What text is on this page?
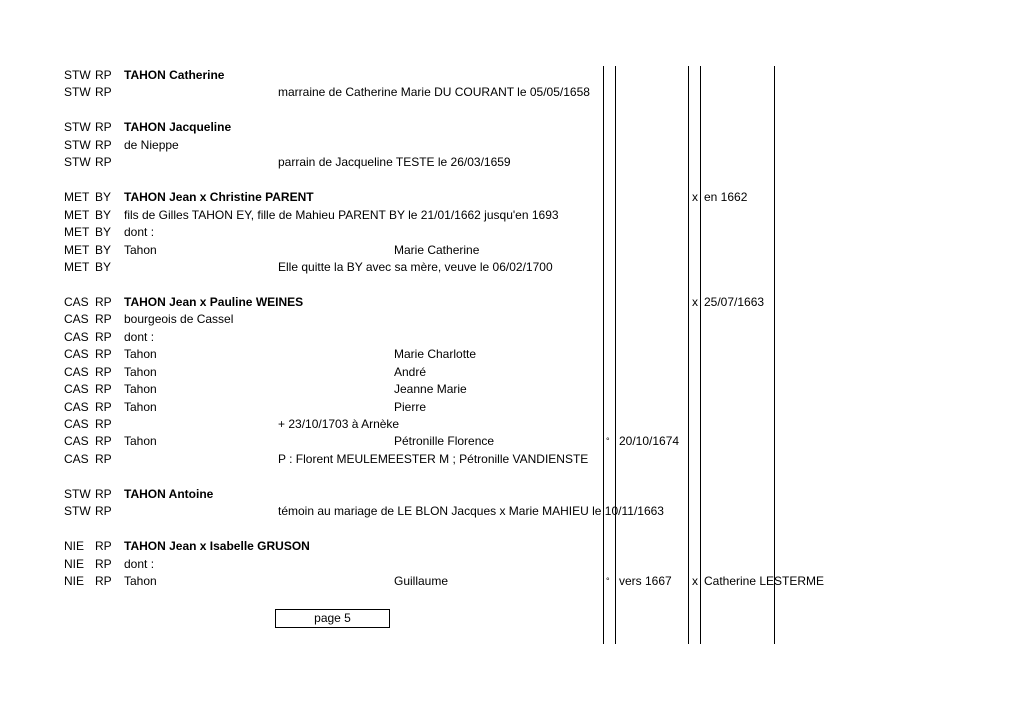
STW RP TAHON Catherine
STW RP	marraine de Catherine Marie DU COURANT le 05/05/1658
STW RP TAHON Jacqueline
STW RP de Nieppe
STW RP	parrain de Jacqueline TESTE le 26/03/1659
MET BY TAHON Jean x Christine PARENT	x en 1662
MET BY fils de Gilles TAHON EY, fille de Mahieu PARENT BY le 21/01/1662 jusqu'en 1693
MET BY dont :
MET BY Tahon	Marie Catherine
MET BY	Elle quitte la BY avec sa mère, veuve le 06/02/1700
CAS RP TAHON Jean x Pauline WEINES	x 25/07/1663
CAS RP bourgeois de Cassel
CAS RP dont :
CAS RP Tahon	Marie Charlotte
CAS RP Tahon	André
CAS RP Tahon	Jeanne Marie
CAS RP Tahon	Pierre
CAS RP	+ 23/10/1703 à Arnèke
CAS RP Tahon	Pétronille Florence	° 20/10/1674
CAS RP	P : Florent MEULEMEESTER M ; Pétronille VANDIENSTE
STW RP TAHON Antoine
STW RP	témoin au mariage de LE BLON Jacques x Marie MAHIEU le 10/11/1663
NIE RP TAHON Jean x Isabelle GRUSON
NIE RP dont :
NIE RP Tahon	Guillaume	° vers 1667 x Catherine LESTERME
page 5
